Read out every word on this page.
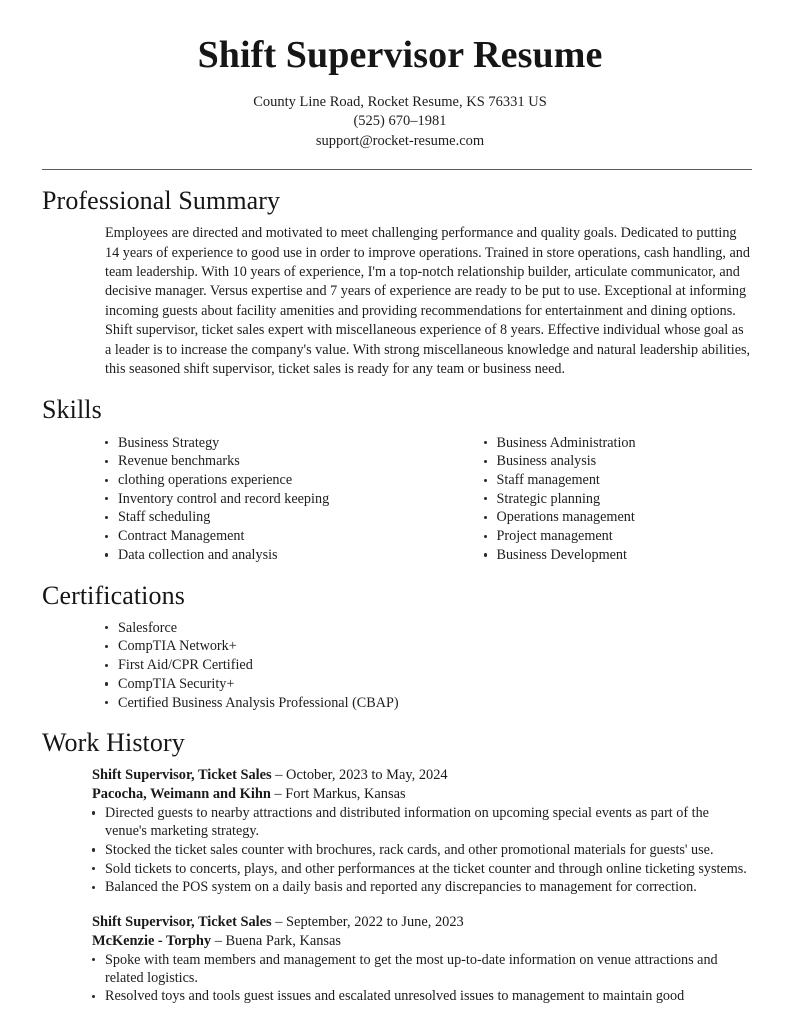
Shift Supervisor Resume

County Line Road, Rocket Resume, KS 76331 US

(525) 670–1981

support@rocket-resume.com

Professional Summary

Employees are directed and motivated to meet challenging performance and quality goals. Dedicated to putting 14 years of experience to good use in order to improve operations. Trained in store operations, cash handling, and team leadership. With 10 years of experience, I'm a top-notch relationship builder, articulate communicator, and decisive manager. Versus expertise and 7 years of experience are ready to be put to use. Exceptional at informing incoming guests about facility amenities and providing recommendations for entertainment and dining options. Shift supervisor, ticket sales expert with miscellaneous experience of 8 years. Effective individual whose goal as a leader is to increase the company's value. With strong miscellaneous knowledge and natural leadership abilities, this seasoned shift supervisor, ticket sales is ready for any team or business need.

Skills
Business Strategy
Revenue benchmarks
clothing operations experience
Inventory control and record keeping
Staff scheduling
Contract Management
Data collection and analysis
Business Administration
Business analysis
Staff management
Strategic planning
Operations management
Project management
Business Development
Certifications
Salesforce
CompTIA Network+
First Aid/CPR Certified
CompTIA Security+
Certified Business Analysis Professional (CBAP)
Work History

Shift Supervisor, Ticket Sales – October, 2023 to May, 2024

Pacocha, Weimann and Kihn – Fort Markus, Kansas

Directed guests to nearby attractions and distributed information on upcoming special events as part of the venue's marketing strategy.
Stocked the ticket sales counter with brochures, rack cards, and other promotional materials for guests' use.
Sold tickets to concerts, plays, and other performances at the ticket counter and through online ticketing systems.
Balanced the POS system on a daily basis and reported any discrepancies to management for correction.

Shift Supervisor, Ticket Sales – September, 2022 to June, 2023

McKenzie - Torphy – Buena Park, Kansas

Spoke with team members and management to get the most up-to-date information on venue attractions and related logistics.
Resolved toys and tools guest issues and escalated unresolved issues to management to maintain good
